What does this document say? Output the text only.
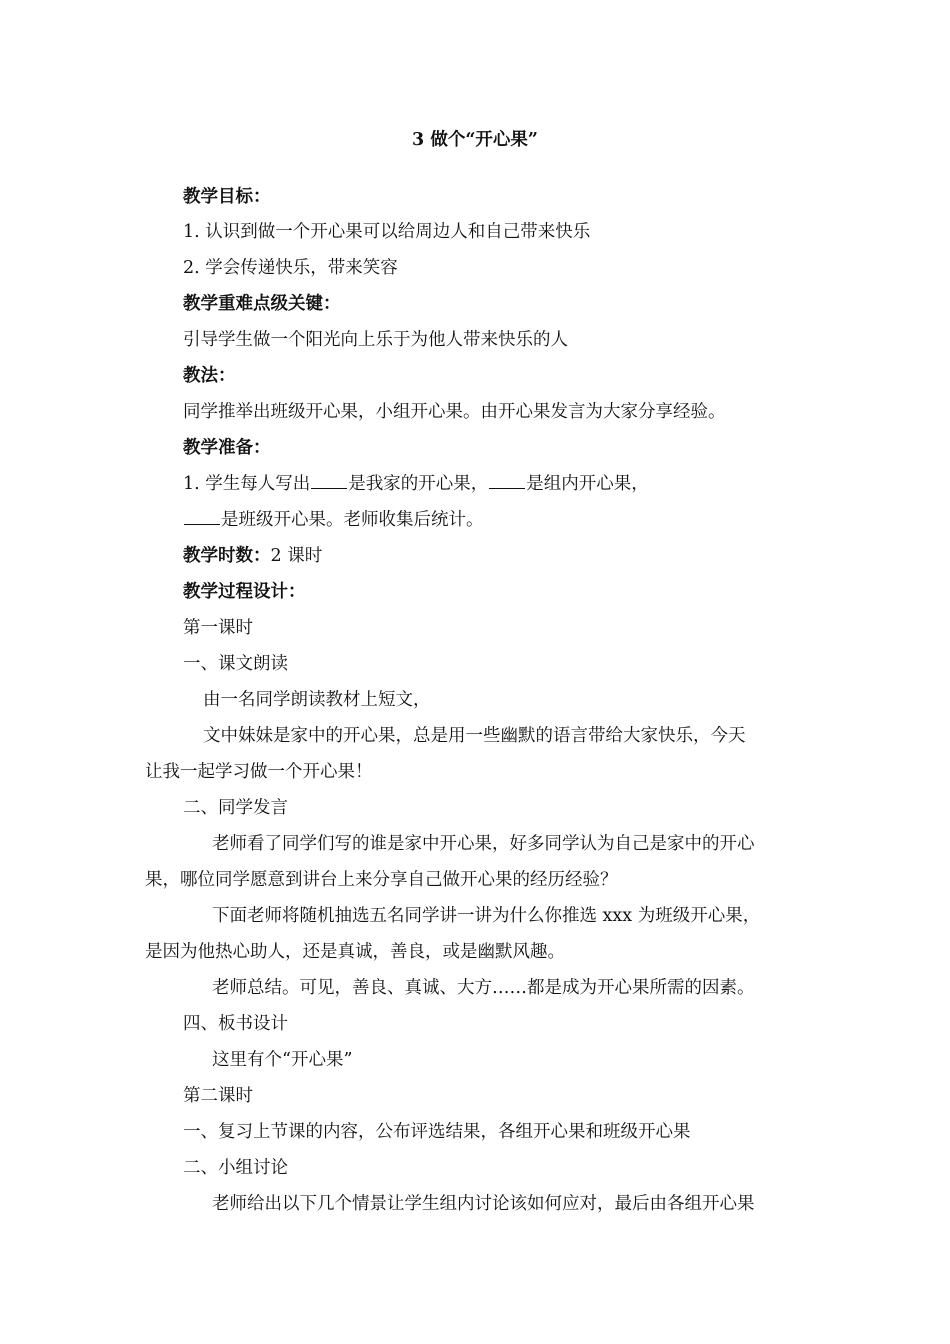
3 做个“开心果”
教学目标：
1. 认识到做一个开心果可以给周边人和自己带来快乐
2. 学会传递快乐，带来笑容
教学重难点级关键：
引导学生做一个阳光向上乐于为他人带来快乐的人
教法：
同学推举出班级开心果，小组开心果。由开心果发言为大家分享经验。
教学准备：
1. 学生每人写出 是我家的开心果， 是组内开心果，
是班级开心果。老师收集后统计。
教学时数：2 课时
教学过程设计：
第一课时
一、课文朗读
由一名同学朗读教材上短文，
文中妹妹是家中的开心果，总是用一些幽默的语言带给大家快乐，今天
让我一起学习做一个开心果！
二、同学发言
老师看了同学们写的谁是家中开心果，好多同学认为自己是家中的开心
果，哪位同学愿意到讲台上来分享自己做开心果的经历经验？
下面老师将随机抽选五名同学讲一讲为什么你推选 xxx 为班级开心果，
是因为他热心助人，还是真诚，善良，或是幽默风趣。
老师总结。可见，善良、真诚、大方……都是成为开心果所需的因素。
四、板书设计
这里有个“开心果”
第二课时
一、复习上节课的内容，公布评选结果，各组开心果和班级开心果
二、小组讨论
老师给出以下几个情景让学生组内讨论该如何应对，最后由各组开心果
